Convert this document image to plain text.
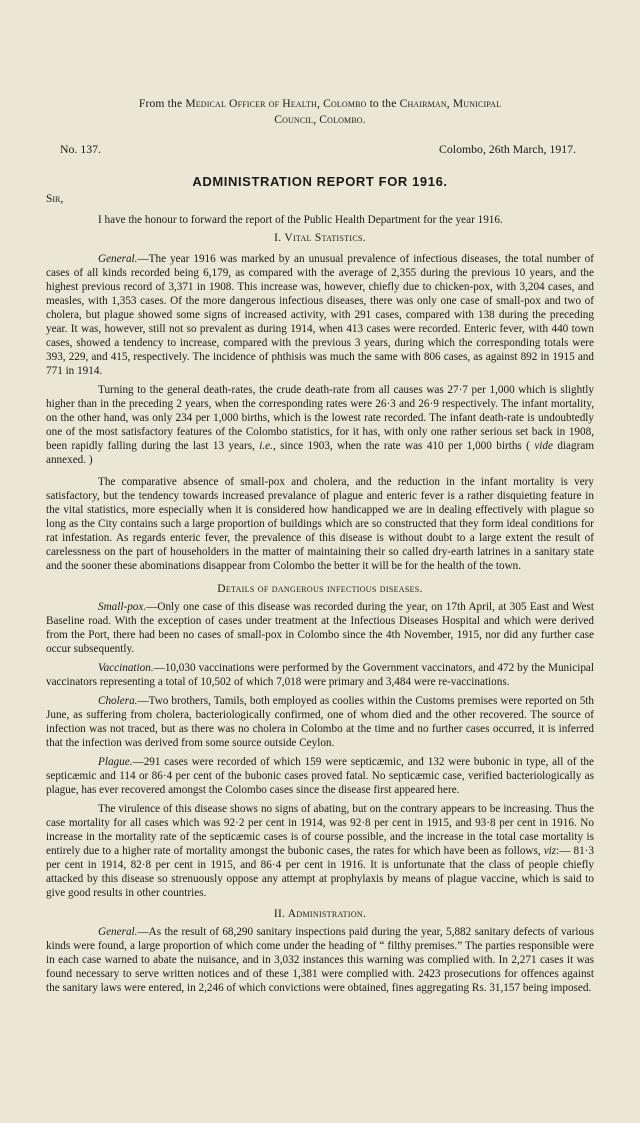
From the Medical Officer of Health, Colombo to the Chairman, Municipal
Council, Colombo.
No. 137.	Colombo, 26th March, 1917.
ADMINISTRATION REPORT FOR 1916.
Sir,

I have the honour to forward the report of the Public Health Department for the year 1916.

I. Vital Statistics.

General.—The year 1916 was marked by an unusual prevalence of infectious diseases, the total number of cases of all kinds recorded being 6,179, as compared with the average of 2,355 during the previous 10 years, and the highest previous record of 3,371 in 1908. This increase was, however, chiefly due to chicken-pox, with 3,204 cases, and measles, with 1,353 cases. Of the more dangerous infectious diseases, there was only one case of small-pox and two of cholera, but plague showed some signs of increased activity, with 291 cases, compared with 138 during the preceding year. It was, however, still not so prevalent as during 1914, when 413 cases were recorded. Enteric fever, with 440 town cases, showed a tendency to increase, compared with the previous 3 years, during which the corresponding totals were 393, 229, and 415, respectively. The incidence of phthisis was much the same with 806 cases, as against 892 in 1915 and 771 in 1914.

Turning to the general death-rates, the crude death-rate from all causes was 27·7 per 1,000 which is slightly higher than in the preceding 2 years, when the corresponding rates were 26·3 and 26·9 respectively. The infant mortality, on the other hand, was only 234 per 1,000 births, which is the lowest rate recorded. The infant death-rate is undoubtedly one of the most satisfactory features of the Colombo statistics, for it has, with only one rather serious set back in 1908, been rapidly falling during the last 13 years, i.e., since 1903, when the rate was 410 per 1,000 births ( vide diagram annexed. )

The comparative absence of small-pox and cholera, and the reduction in the infant mortality is very satisfactory, but the tendency towards increased prevalance of plague and enteric fever is a rather disquieting feature in the vital statistics, more especially when it is considered how handicapped we are in dealing effectively with plague so long as the City contains such a large proportion of buildings which are so constructed that they form ideal conditions for rat infestation. As regards enteric fever, the prevalence of this disease is without doubt to a large extent the result of carelessness on the part of householders in the matter of maintaining their so called dry-earth latrines in a sanitary state and the sooner these abominations disappear from Colombo the better it will be for the health of the town.

Details of dangerous infectious diseases.

Small-pox.—Only one case of this disease was recorded during the year, on 17th April, at 305 East and West Baseline road. With the exception of cases under treatment at the Infectious Diseases Hospital and which were derived from the Port, there had been no cases of small-pox in Colombo since the 4th November, 1915, nor did any further case occur subsequently.

Vaccination.—10,030 vaccinations were performed by the Government vaccinators, and 472 by the Municipal vaccinators representing a total of 10,502 of which 7,018 were primary and 3,484 were re-vaccinations.

Cholera.—Two brothers, Tamils, both employed as coolies within the Customs premises were reported on 5th June, as suffering from cholera, bacteriologically confirmed, one of whom died and the other recovered. The source of infection was not traced, but as there was no cholera in Colombo at the time and no further cases occurred, it is inferred that the infection was derived from some source outside Ceylon.

Plague.—291 cases were recorded of which 159 were septicæmic, and 132 were bubonic in type, all of the septicæmic and 114 or 86·4 per cent of the bubonic cases proved fatal. No septicæmic case, verified bacteriologically as plague, has ever recovered amongst the Colombo cases since the disease first appeared here.

The virulence of this disease shows no signs of abating, but on the contrary appears to be increasing. Thus the case mortality for all cases which was 92·2 per cent in 1914, was 92·8 per cent in 1915, and 93·8 per cent in 1916. No increase in the mortality rate of the septicæmic cases is of course possible, and the increase in the total case mortality is entirely due to a higher rate of mortality amongst the bubonic cases, the rates for which have been as follows, viz:— 81·3 per cent in 1914, 82·8 per cent in 1915, and 86·4 per cent in 1916. It is unfortunate that the class of people chiefly attacked by this disease so strenuously oppose any attempt at prophylaxis by means of plague vaccine, which is said to give good results in other countries.

II. Administration.

General.—As the result of 68,290 sanitary inspections paid during the year, 5,882 sanitary defects of various kinds were found, a large proportion of which come under the heading of “ filthy premises.” The parties responsible were in each case warned to abate the nuisance, and in 3,032 instances this warning was complied with. In 2,271 cases it was found necessary to serve written notices and of these 1,381 were complied with. 2423 prosecutions for offences against the sanitary laws were entered, in 2,246 of which convictions were obtained, fines aggregating Rs. 31,157 being imposed.
